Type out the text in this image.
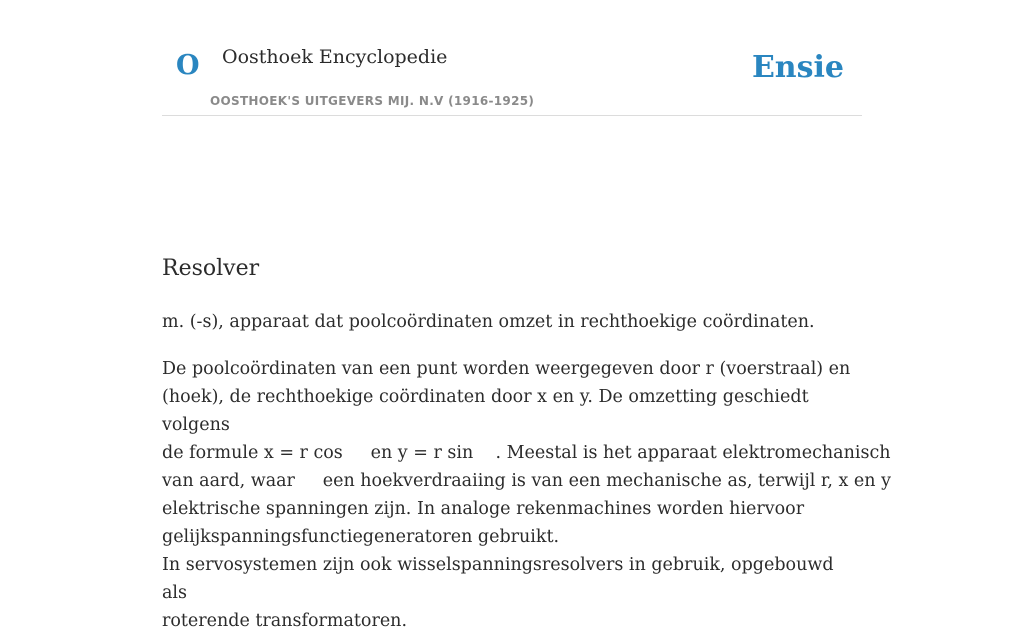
O Oosthoek Encyclopedie
OOSTHOEK'S UITGEVERS MIJ. N.V (1916-1925)
Ensie
Resolver

m. (-s), apparaat dat poolcoördinaten omzet in rechthoekige coördinaten.

De poolcoördinaten van een punt worden weergegeven door r (voerstraal) en
(hoek), de rechthoekige coördinaten door x en y. De omzetting geschiedt volgens
de formule x = r cos     en y = r sin    . Meestal is het apparaat elektromechanisch
van aard, waar     een hoekverdraaiing is van een mechanische as, terwijl r, x en y
elektrische spanningen zijn. In analoge rekenmachines worden hiervoor
gelijkspanningsfunctiegeneratoren gebruikt.

In servosystemen zijn ook wisselspanningsresolvers in gebruik, opgebouwd als
roterende transformatoren.
